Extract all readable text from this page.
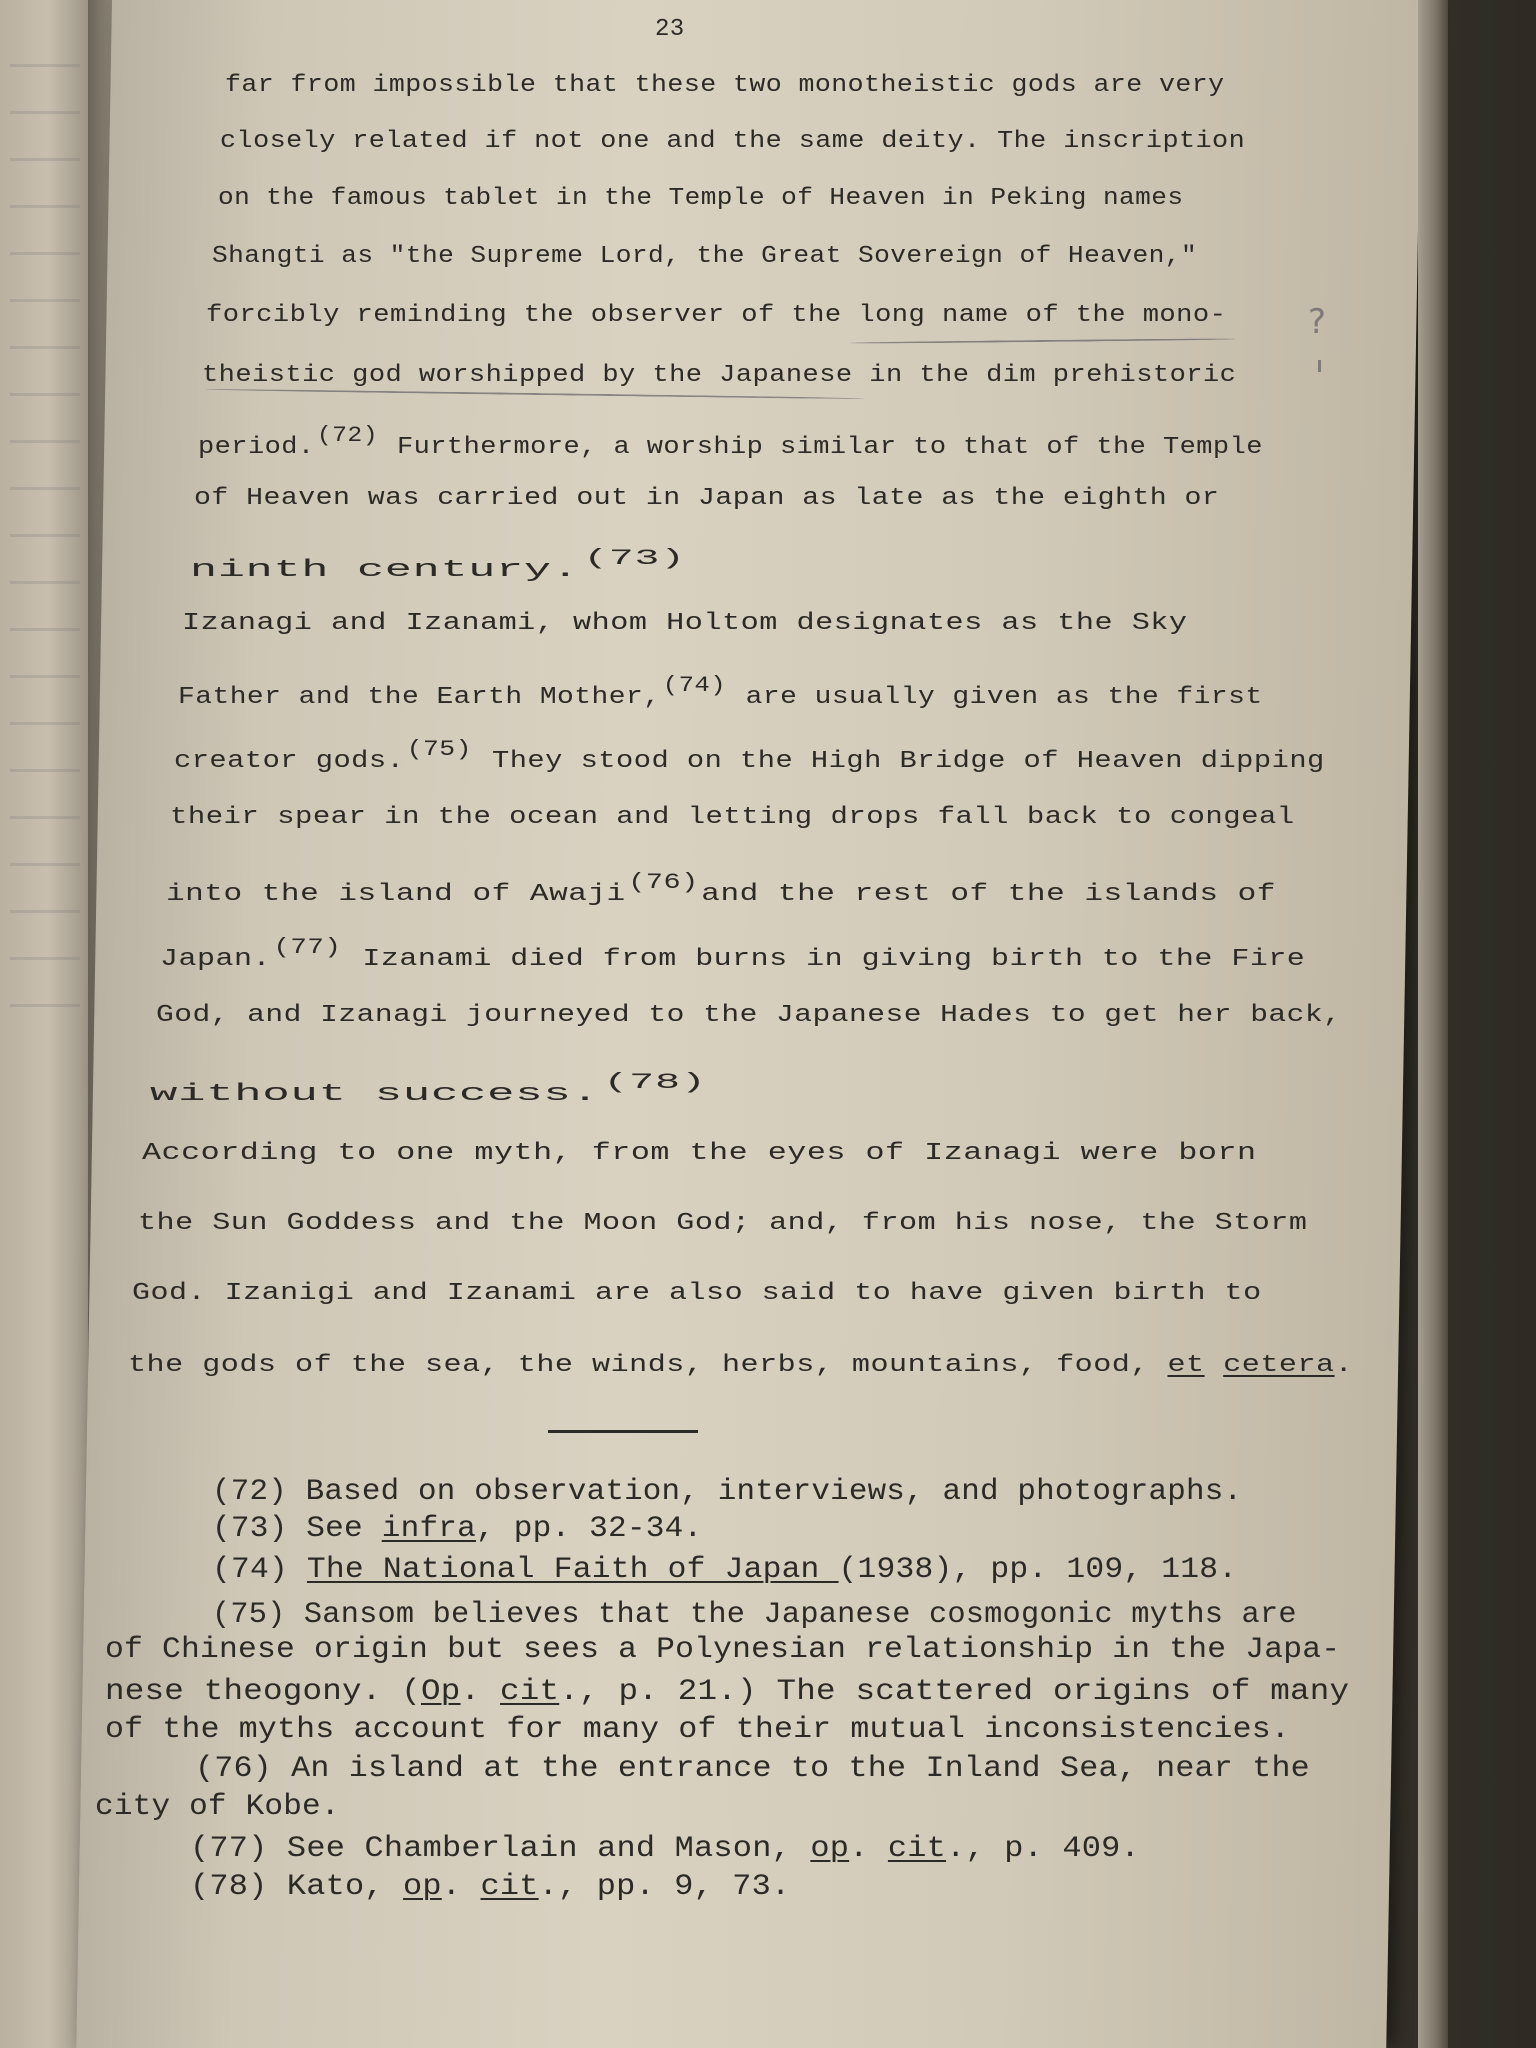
23
far from impossible that these two monotheistic gods are very
closely related if not one and the same deity. The inscription
on the famous tablet in the Temple of Heaven in Peking names
Shangti as "the Supreme Lord, the Great Sovereign of Heaven,"
forcibly reminding the observer of the long name of the mono-
theistic god worshipped by the Japanese in the dim prehistoric
period. (72) Furthermore, a worship similar to that of the Temple
of Heaven was carried out in Japan as late as the eighth or
ninth century. (73)
Izanagi and Izanami, whom Holtom designates as the Sky
Father and the Earth Mother, (74) are usually given as the first
creator gods. (75) They stood on the High Bridge of Heaven dipping
their spear in the ocean and letting drops fall back to congeal
into the island of Awaji (76) and the rest of the islands of
Japan. (77) Izanami died from burns in giving birth to the Fire
God, and Izanagi journeyed to the Japanese Hades to get her back,
without success. (78)
According to one myth, from the eyes of Izanagi were born
the Sun Goddess and the Moon God; and, from his nose, the Storm
God. Izanigi and Izanami are also said to have given birth to
the gods of the sea, the winds, herbs, mountains, food, et cetera.
?
(72) Based on observation, interviews, and photographs.
(73) See infra, pp. 32-34.
(74) The National Faith of Japan (1938), pp. 109, 118.
(75) Sansom believes that the Japanese cosmogonic myths are
of Chinese origin but sees a Polynesian relationship in the Japa-
nese theogony. (Op. cit., p. 21.) The scattered origins of many
of the myths account for many of their mutual inconsistencies.
(76) An island at the entrance to the Inland Sea, near the
city of Kobe.
(77) See Chamberlain and Mason, op. cit., p. 409.
(78) Kato, op. cit., pp. 9, 73.
